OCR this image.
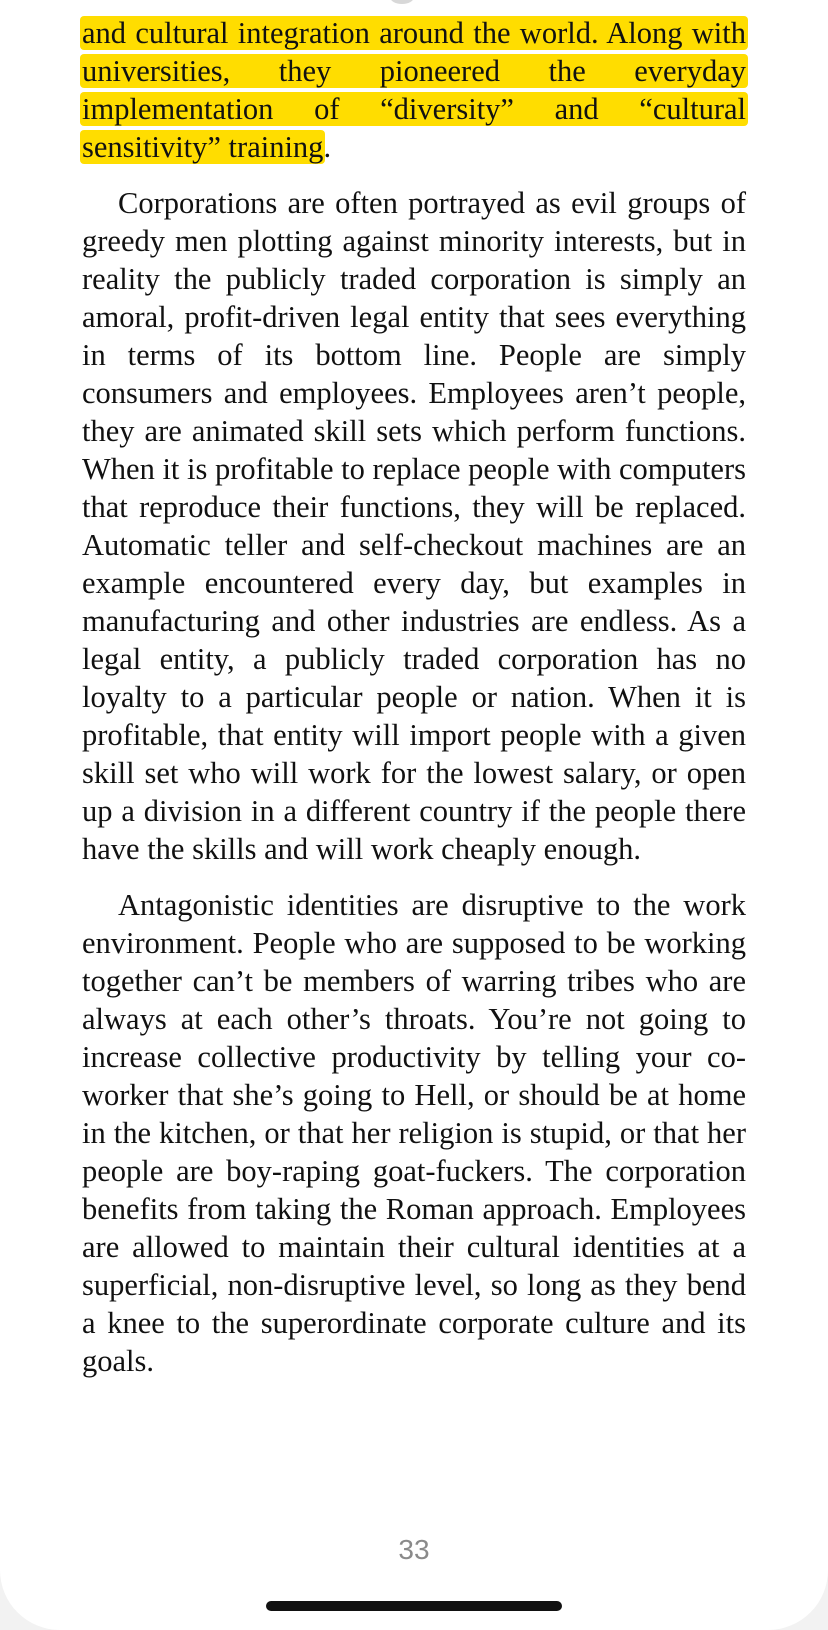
and cultural integration around the world. Along with universities, they pioneered the everyday implementation of “diversity” and “cultural sensitivity” training.

Corporations are often portrayed as evil groups of greedy men plotting against minority interests, but in reality the publicly traded corporation is simply an amoral, profit-driven legal entity that sees everything in terms of its bottom line. People are simply consumers and employees. Employees aren’t people, they are animated skill sets which perform functions. When it is profitable to replace people with computers that reproduce their functions, they will be replaced. Automatic teller and self-checkout machines are an example encountered every day, but examples in manufacturing and other industries are endless. As a legal entity, a publicly traded corporation has no loyalty to a particular people or nation. When it is profitable, that entity will import people with a given skill set who will work for the lowest salary, or open up a division in a different country if the people there have the skills and will work cheaply enough.

Antagonistic identities are disruptive to the work environment. People who are supposed to be working together can’t be members of warring tribes who are always at each other’s throats. You’re not going to increase collective productivity by telling your co-worker that she’s going to Hell, or should be at home in the kitchen, or that her religion is stupid, or that her people are boy-raping goat-fuckers. The corporation benefits from taking the Roman approach. Employees are allowed to maintain their cultural identities at a superficial, non-disruptive level, so long as they bend a knee to the superordinate corporate culture and its goals.

33
